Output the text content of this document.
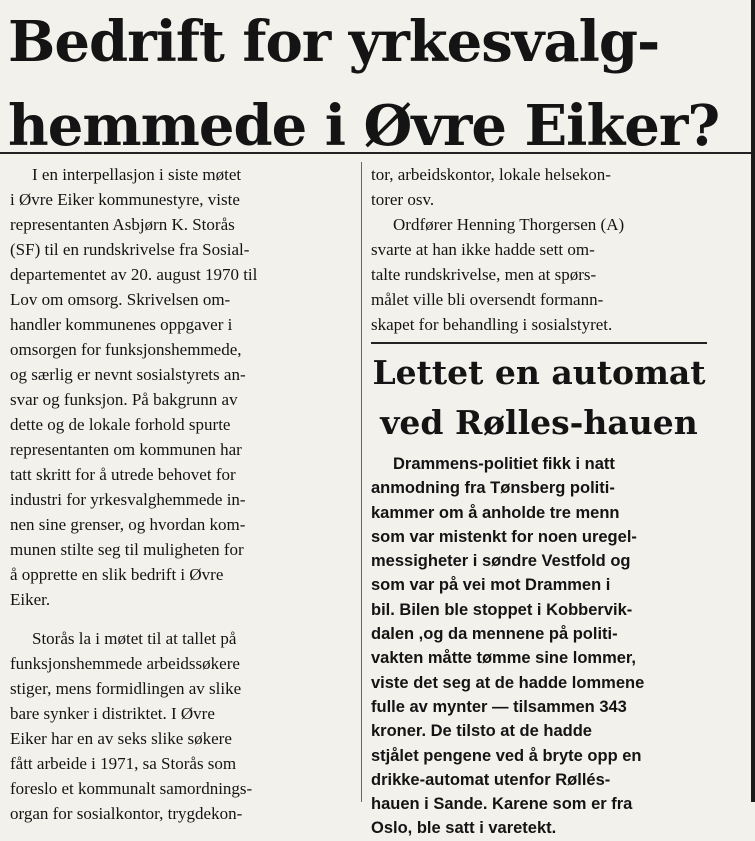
Bedrift for yrkesvalg-
hemmede i Øvre Eiker?

I en interpellasjon i siste møtet
i Øvre Eiker kommunestyre, viste
representanten Asbjørn K. Storås
(SF) til en rundskrivelse fra Sosial-
departementet av 20. august 1970 til
Lov om omsorg. Skrivelsen om-
handler kommunenes oppgaver i
omsorgen for funksjonshemmede,
og særlig er nevnt sosialstyrets an-
svar og funksjon. På bakgrunn av
dette og de lokale forhold spurte
representanten om kommunen har
tatt skritt for å utrede behovet for
industri for yrkesvalghemmede in-
nen sine grenser, og hvordan kom-
munen stilte seg til muligheten for
å opprette en slik bedrift i Øvre
Eiker.

Storås la i møtet til at tallet på
funksjonshemmede arbeidssøkere
stiger, mens formidlingen av slike
bare synker i distriktet. I Øvre
Eiker har en av seks slike søkere
fått arbeide i 1971, sa Storås som
foreslo et kommunalt samordnings-
organ for sosialkontor, trygdekon-

tor, arbeidskontor, lokale helsekon-
torer osv.

Ordfører Henning Thorgersen (A)
svarte at han ikke hadde sett om-
talte rundskrivelse, men at spørs-
målet ville bli oversendt formann-
skapet for behandling i sosialstyret.

Lettet en automat
ved Rølles-hauen
Drammens-politiet fikk i natt
anmodning fra Tønsberg politi-
kammer om å anholde tre menn
som var mistenkt for noen uregel-
messigheter i søndre Vestfold og
som var på vei mot Drammen i
bil. Bilen ble stoppet i Kobbervik-
dalen ,og da mennene på politi-
vakten måtte tømme sine lommer,
viste det seg at de hadde lommene
fulle av mynter — tilsammen 343
kroner. De tilsto at de hadde
stjålet pengene ved å bryte opp en
drikke-automat utenfor Røllés-
hauen i Sande. Karene som er fra
Oslo, ble satt i varetekt.
